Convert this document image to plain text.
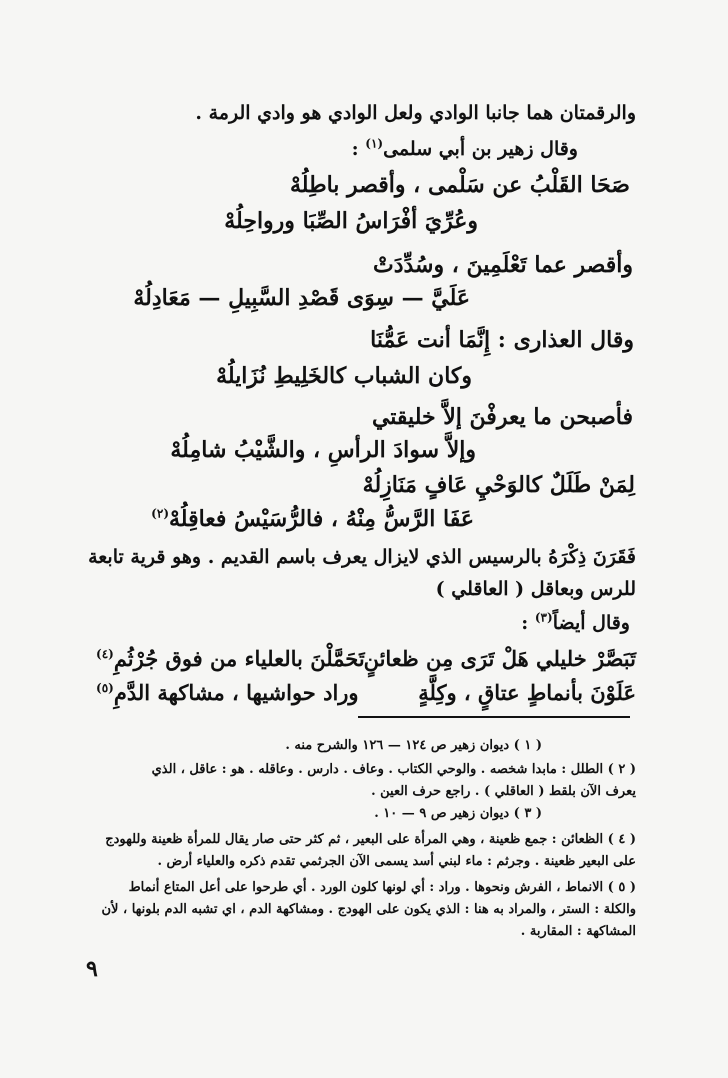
والرقمتان هما جانبا الوادي ولعل الوادي هو وادي الرمة .
وقال زهير بن أبي سلمى$^{(١)}$ :
صَحَا القَلْبُ عن سَلْمى ، وأقصر باطِلُهْ
وعُرِّيَ أفْرَاسُ الصِّبَا ورواحِلُهْ
وأقصر عما تَعْلَمِينَ ، وسُدِّدَتْ
عَلَيَّ — سِوَى قَصْدِ السَّبِيلِ — مَعَادِلُهْ
وقال العذارى : إِنَّمَا أنت عَمُّنَا
وكان الشباب كالخَلِيطِ نُزَايلُهْ
فأصبحن ما يعرفْنَ إلاَّ خليقتي
وإلاَّ سوادَ الرأسِ ، والشَّيْبُ شامِلُهْ
لِمَنْ طَلَلٌ كالوَحْيِ عَافٍ مَنَازِلُهْ
عَفَا الرَّسُّ مِنْهُ ، فالرُّسَيْسُ فعاقِلُهْ$^{(٢)}$
فَقَرَنَ ذِكْرَهُ بالرسيس الذي لايزال يعرف باسم القديم . وهو قرية تابعة
للرس وبعاقل ( العاقلي )
وقال أيضاً$^{(٣)}$ :
تَبَصَّرْ خليلي هَلْ تَرَى مِن ظعائنٍ
تَحَمَّلْنَ بالعلياء من فوق جُرْثُمِ$^{(٤)}$
عَلَوْنَ بأنماطٍ عتاقٍ ، وكِلَّةٍ
وراد حواشيها ، مشاكهة الدَّمِ$^{(٥)}$
( ١ ) ديوان زهير ص ١٢٤ — ١٢٦ والشرح منه .
( ٢ ) الطلل : مابدا شخصه . والوحي الكتاب . وعاف . دارس . وعاقله . هو : عاقل ، الذي
يعرف الآن بلقط ( العاقلي ) . راجع حرف العين .
( ٣ ) ديوان زهير ص ٩ — ١٠ .
( ٤ ) الظعائن : جمع ظعينة ، وهي المرأة على البعير ، ثم كثر حتى صار يقال للمرأة ظعينة وللهودج
على البعير ظعينة . وجرثم : ماء لبني أسد يسمى الآن الجرثمي تقدم ذكره والعلياء أرض .
( ٥ ) الانماط ، الفرش ونحوها . وراد : أي لونها كلون الورد . أي طرحوا على أعل المتاع أنماط
والكلة : الستر ، والمراد به هنا : الذي يكون على الهودج . ومشاكهة الدم ، اي تشبه الدم بلونها ، لأن
المشاكهة : المقاربة .
٩
